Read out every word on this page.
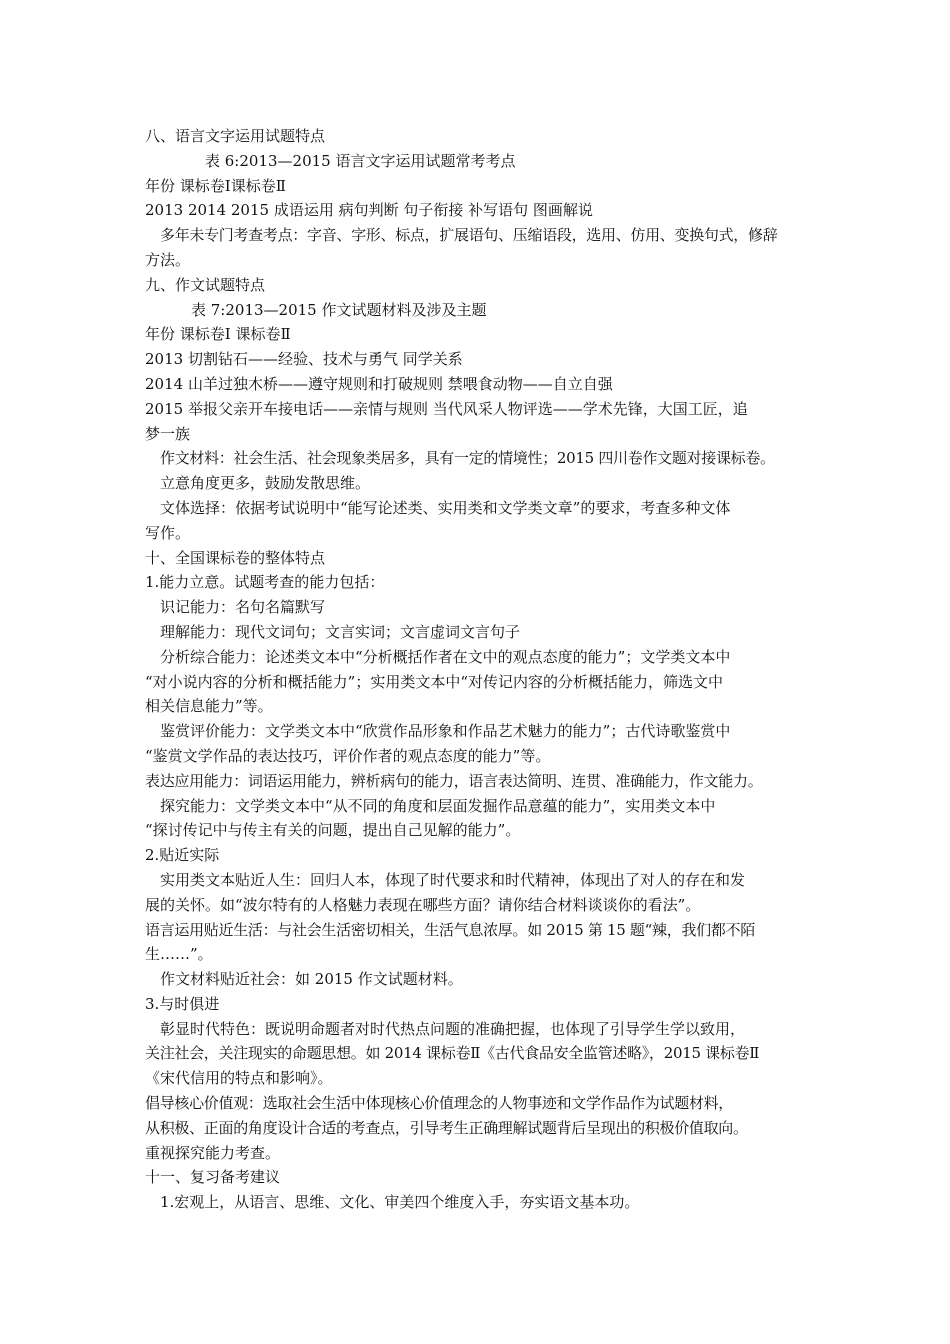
八、语言文字运用试题特点
表 6:2013—2015 语言文字运用试题常考考点
年份 课标卷Ⅰ课标卷Ⅱ
2013 2014 2015 成语运用 病句判断 句子衔接 补写语句 图画解说
多年未专门考查考点：字音、字形、标点，扩展语句、压缩语段，选用、仿用、变换句式，修辞
方法。
九、作文试题特点
表 7:2013—2015 作文试题材料及涉及主题
年份 课标卷Ⅰ 课标卷Ⅱ
2013 切割钻石——经验、技术与勇气 同学关系
2014 山羊过独木桥——遵守规则和打破规则 禁喂食动物——自立自强
2015 举报父亲开车接电话——亲情与规则 当代风采人物评选——学术先锋，大国工匠，追
梦一族
作文材料：社会生活、社会现象类居多，具有一定的情境性；2015 四川卷作文题对接课标卷。
立意角度更多，鼓励发散思维。
文体选择：依据考试说明中“能写论述类、实用类和文学类文章”的要求，考查多种文体
写作。
十、全国课标卷的整体特点
1.能力立意。试题考查的能力包括：
识记能力：名句名篇默写
理解能力：现代文词句；文言实词；文言虚词文言句子
分析综合能力：论述类文本中“分析概括作者在文中的观点态度的能力”；文学类文本中
“对小说内容的分析和概括能力”；实用类文本中“对传记内容的分析概括能力，筛选文中
相关信息能力”等。
鉴赏评价能力：文学类文本中“欣赏作品形象和作品艺术魅力的能力”；古代诗歌鉴赏中
“鉴赏文学作品的表达技巧，评价作者的观点态度的能力”等。
表达应用能力：词语运用能力，辨析病句的能力，语言表达简明、连贯、准确能力，作文能力。
探究能力：文学类文本中“从不同的角度和层面发掘作品意蕴的能力”，实用类文本中
“探讨传记中与传主有关的问题，提出自己见解的能力”。
2.贴近实际
实用类文本贴近人生：回归人本，体现了时代要求和时代精神，体现出了对人的存在和发
展的关怀。如“波尔特有的人格魅力表现在哪些方面？请你结合材料谈谈你的看法”。
语言运用贴近生活：与社会生活密切相关，生活气息浓厚。如 2015 第 15 题“辣，我们都不陌
生……”。
作文材料贴近社会：如 2015 作文试题材料。
3.与时俱进
彰显时代特色：既说明命题者对时代热点问题的准确把握，也体现了引导学生学以致用，
关注社会，关注现实的命题思想。如 2014 课标卷Ⅱ《古代食品安全监管述略》，2015 课标卷Ⅱ
《宋代信用的特点和影响》。
倡导核心价值观：选取社会生活中体现核心价值理念的人物事迹和文学作品作为试题材料，
从积极、正面的角度设计合适的考查点，引导考生正确理解试题背后呈现出的积极价值取向。
重视探究能力考查。
十一、复习备考建议
1.宏观上，从语言、思维、文化、审美四个维度入手，夯实语文基本功。
